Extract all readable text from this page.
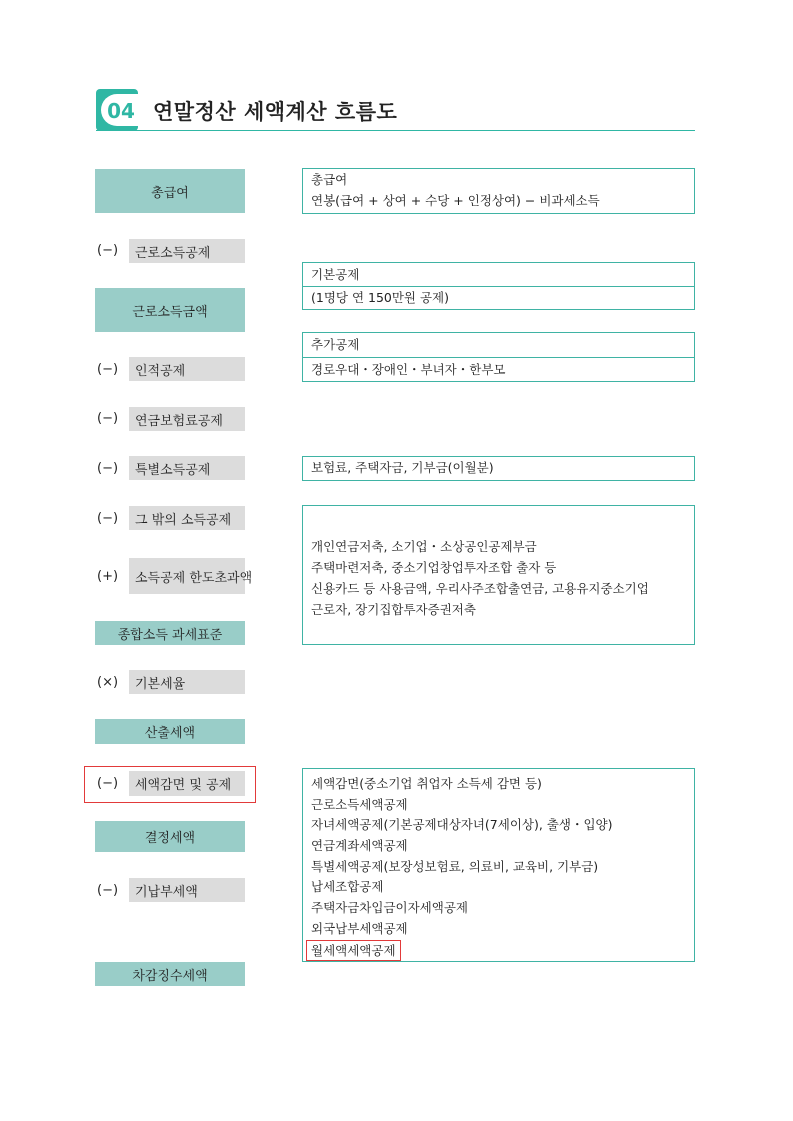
04 연말정산 세액계산 흐름도
총급여
(−) 근로소득공제
근로소득금액
(−) 인적공제
(−) 연금보험료공제
(−) 특별소득공제
(−) 그 밖의 소득공제
(+) 소득공제 한도초과액
종합소득 과세표준
(×) 기본세율
산출세액
(−) 세액감면 및 공제
결정세액
(−) 기납부세액
차감징수세액
총급여
연봉(급여 + 상여 + 수당 + 인정상여) − 비과세소득
기본공제
(1명당 연 150만원 공제)
추가공제
경로우대・장애인・부녀자・한부모
보험료, 주택자금, 기부금(이월분)
개인연금저축, 소기업・소상공인공제부금
주택마련저축, 중소기업창업투자조합 출자 등
신용카드 등 사용금액, 우리사주조합출연금, 고용유지중소기업
근로자, 장기집합투자증권저축
세액감면(중소기업 취업자 소득세 감면 등)
근로소득세액공제
자녀세액공제(기본공제대상자녀(7세이상), 출생・입양)
연금계좌세액공제
특별세액공제(보장성보험료, 의료비, 교육비, 기부금)
납세조합공제
주택자금차입금이자세액공제
외국납부세액공제
월세액세액공제
